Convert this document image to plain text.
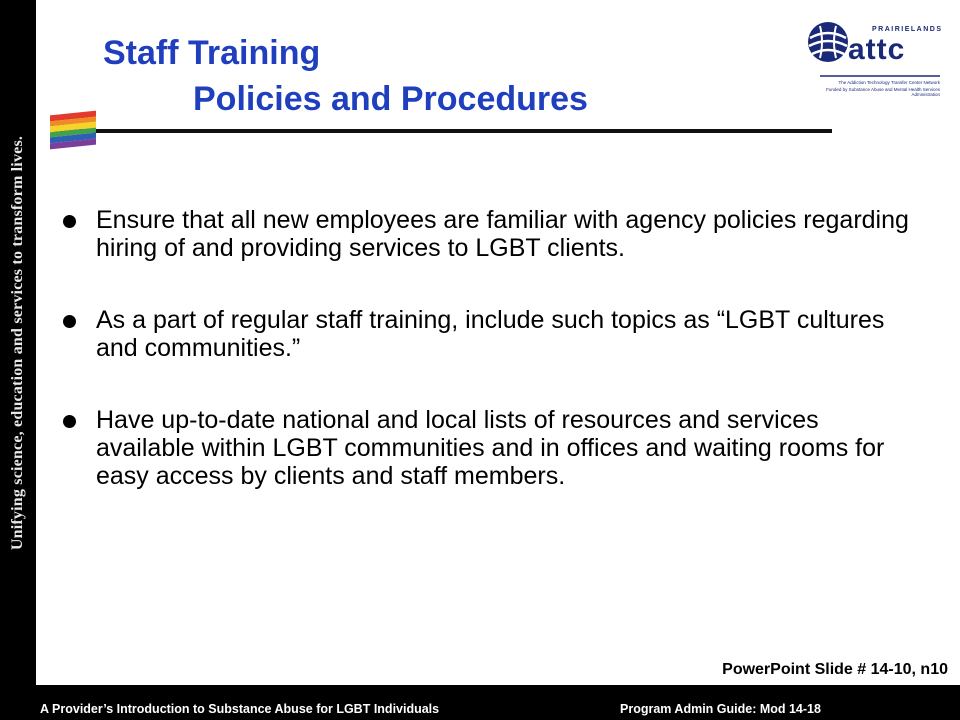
Unifying science, education and services to transform lives.
A Provider’s Introduction to Substance Abuse for LGBT Individuals	Program Admin Guide: Mod 14-18
Staff Training
Policies and Procedures
PRAIRIELANDS
attc
The Addiction Technology Transfer Center Network
Funded by Substance Abuse and Mental Health Services Administration
Ensure that all new employees are familiar with agency policies regarding hiring of and providing services to LGBT clients.
As a part of regular staff training, include such topics as “LGBT cultures and communities.”
Have up-to-date national and local lists of resources and services available within LGBT communities and in offices and waiting rooms for easy access by clients and staff members.
PowerPoint Slide # 14-10, n10
